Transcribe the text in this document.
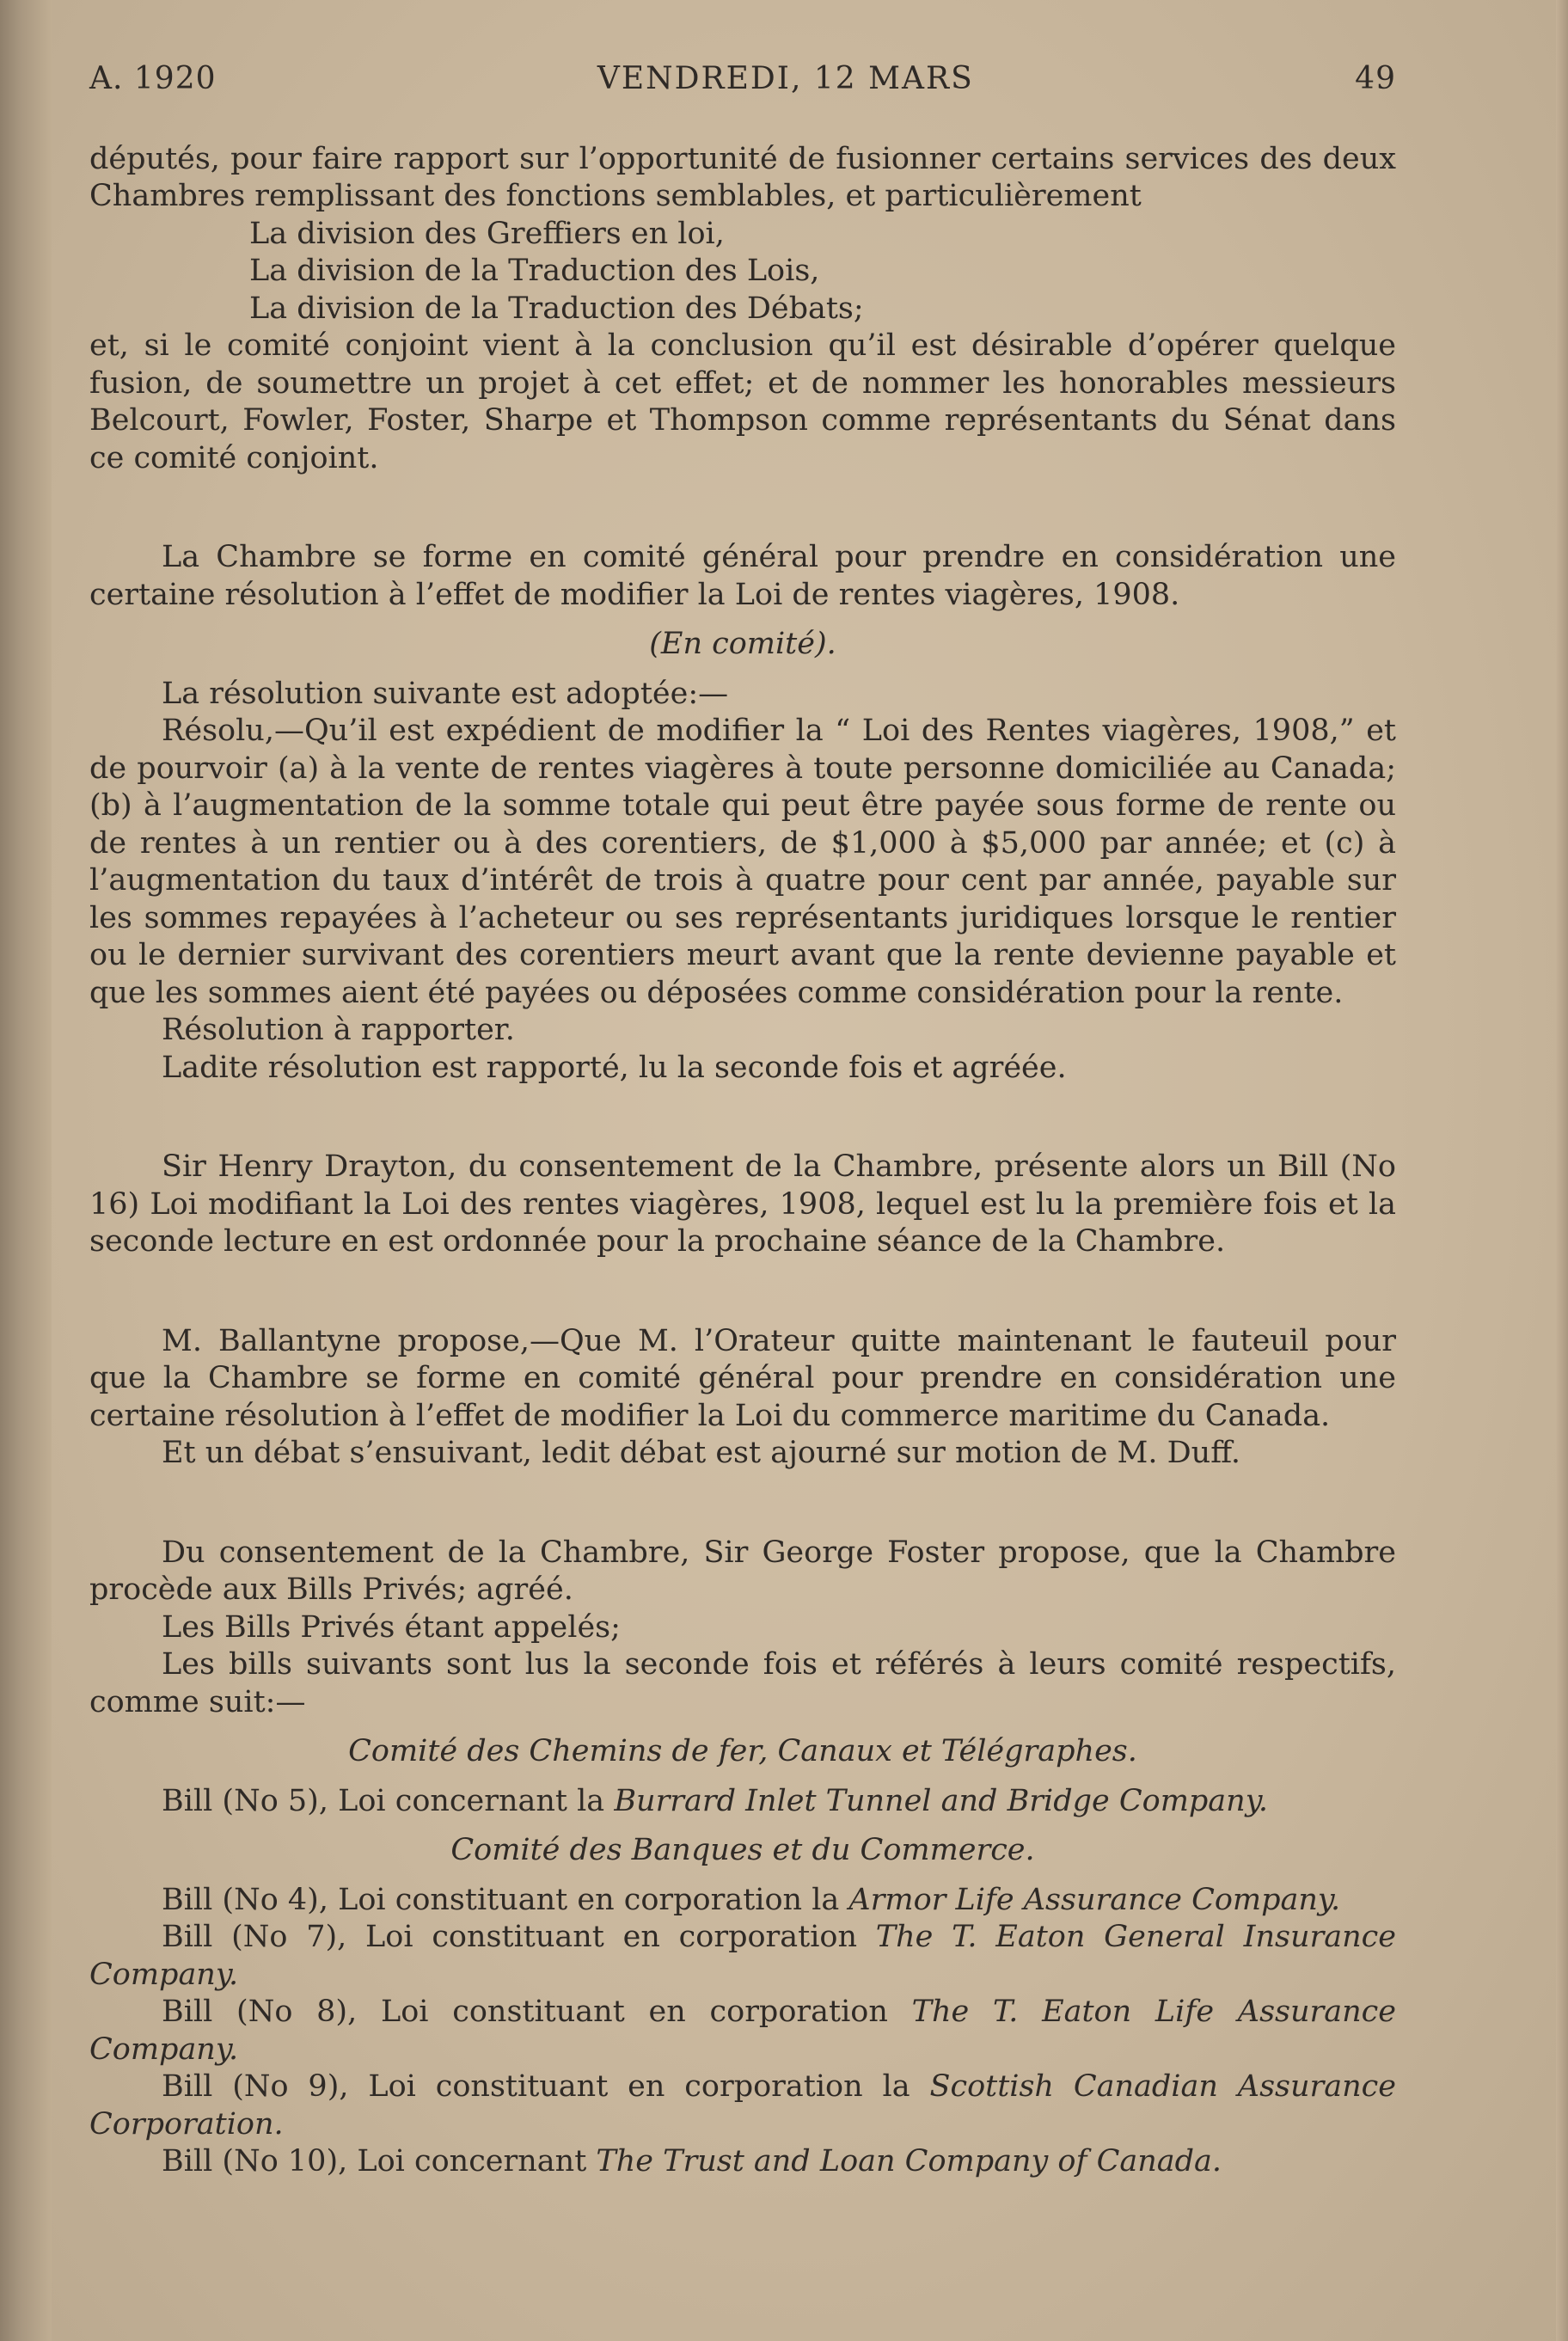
A. 1920	VENDREDI, 12 MARS	49

députés, pour faire rapport sur l’opportunité de fusionner certains services des deux Chambres remplissant des fonctions semblables, et particulièrement

La division des Greffiers en loi,

La division de la Traduction des Lois,

La division de la Traduction des Débats;

et, si le comité conjoint vient à la conclusion qu’il est désirable d’opérer quelque fusion, de soumettre un projet à cet effet; et de nommer les honorables messieurs Belcourt, Fowler, Foster, Sharpe et Thompson comme représentants du Sénat dans ce comité conjoint.

La Chambre se forme en comité général pour prendre en considération une certaine résolution à l’effet de modifier la Loi de rentes viagères, 1908.

(En comité).

La résolution suivante est adoptée:—

Résolu,—Qu’il est expédient de modifier la “ Loi des Rentes viagères, 1908,” et de pourvoir (a) à la vente de rentes viagères à toute personne domiciliée au Canada; (b) à l’augmentation de la somme totale qui peut être payée sous forme de rente ou de rentes à un rentier ou à des corentiers, de $1,000 à $5,000 par année; et (c) à l’augmentation du taux d’intérêt de trois à quatre pour cent par année, payable sur les sommes repayées à l’acheteur ou ses représentants juridiques lorsque le rentier ou le dernier survivant des corentiers meurt avant que la rente devienne payable et que les sommes aient été payées ou déposées comme considération pour la rente.

Résolution à rapporter.

Ladite résolution est rapporté, lu la seconde fois et agréée.

Sir Henry Drayton, du consentement de la Chambre, présente alors un Bill (No 16) Loi modifiant la Loi des rentes viagères, 1908, lequel est lu la première fois et la seconde lecture en est ordonnée pour la prochaine séance de la Chambre.

M. Ballantyne propose,—Que M. l’Orateur quitte maintenant le fauteuil pour que la Chambre se forme en comité général pour prendre en considération une certaine résolution à l’effet de modifier la Loi du commerce maritime du Canada.

Et un débat s’ensuivant, ledit débat est ajourné sur motion de M. Duff.

Du consentement de la Chambre, Sir George Foster propose, que la Chambre procède aux Bills Privés; agréé.

Les Bills Privés étant appelés;

Les bills suivants sont lus la seconde fois et référés à leurs comité respectifs, comme suit:—

Comité des Chemins de fer, Canaux et Télégraphes.

Bill (No 5), Loi concernant la Burrard Inlet Tunnel and Bridge Company.

Comité des Banques et du Commerce.

Bill (No 4), Loi constituant en corporation la Armor Life Assurance Company.

Bill (No 7), Loi constituant en corporation The T. Eaton General Insurance Company.

Bill (No 8), Loi constituant en corporation The T. Eaton Life Assurance Company.

Bill (No 9), Loi constituant en corporation la Scottish Canadian Assurance Corporation.

Bill (No 10), Loi concernant The Trust and Loan Company of Canada.
